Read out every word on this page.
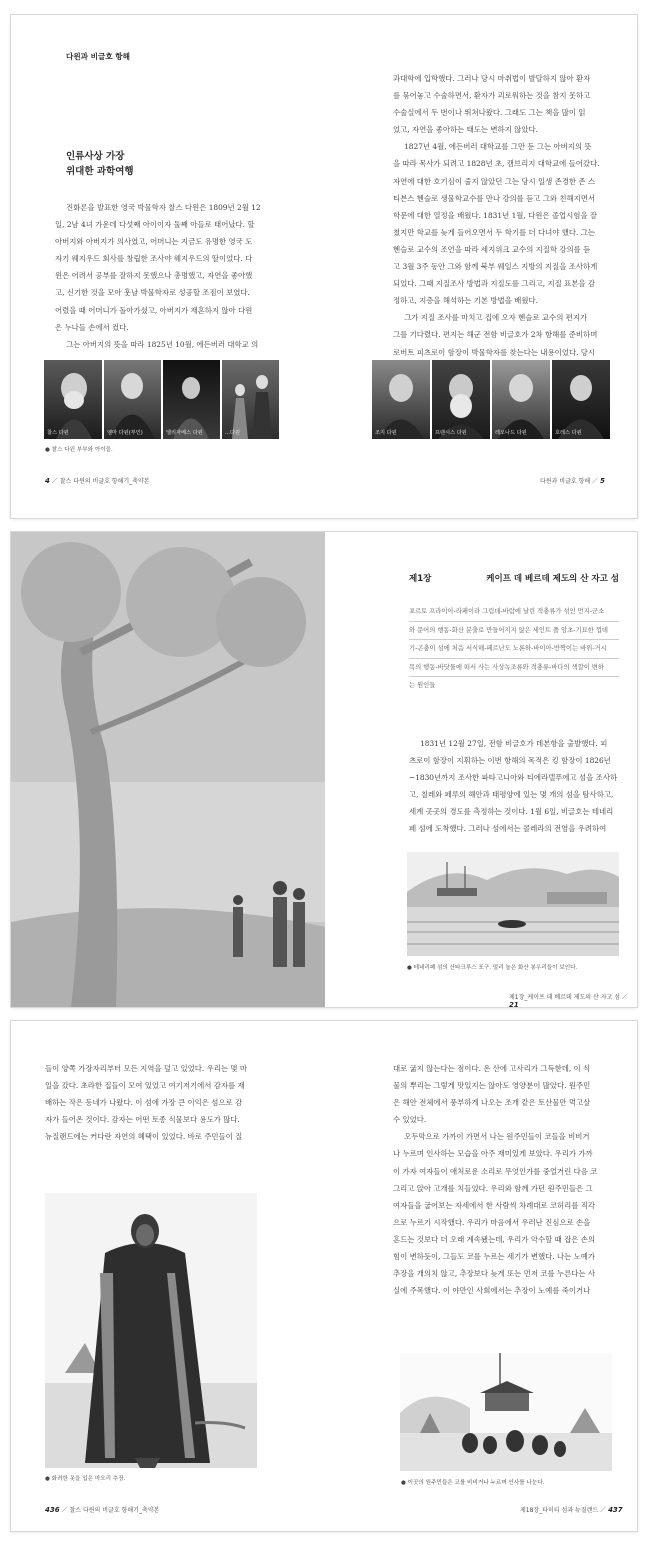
다윈과 비글호 항해
인류사상 가장
위대한 과학여행
진화론을 발표한 영국 박물학자 찰스 다윈은 1809년 2월 12
일, 2남 4녀 가운데 다섯째 아이이자 둘째 아들로 태어났다. 할
아버지와 아버지가 의사였고, 어머니는 지금도 유명한 영국 도
자기 웨지우드 회사를 창립한 조사야 웨지우드의 딸이었다. 다
윈은 어려서 공부를 잘하지 못했으나 총명했고, 자연을 좋아했
고, 신기한 것을 모아 훗날 박물학자로 성공할 조짐이 보였다.
어렸을 때 어머니가 돌아가셨고, 아버지가 재혼하지 않아 다윈
은 누나들 손에서 컸다.
그는 아버지의 뜻을 따라 1825년 10월, 에든버러 대학교 의
찰스 다윈	엠마 다윈(부인)	엘리자베스 다윈	...다윈
● 찰스 다윈 부부와 아이들.
4 ／ 찰스 다윈의 비글호 항해기_축약본
과대학에 입학했다. 그러나 당시 마취법이 발달하지 않아 환자
를 묶어놓고 수술하면서, 환자가 괴로워하는 것을 참지 못하고
수술실에서 두 번이나 뛰쳐나왔다. 그래도 그는 책을 많이 읽
었고, 자연을 좋아하는 태도는 변하지 않았다.
1827년 4월, 에든버러 대학교를 그만 둔 그는 아버지의 뜻
을 따라 목사가 되려고 1828년 초, 캠브리지 대학교에 들어갔다.
자연에 대한 호기심이 줄지 않았던 그는 당시 일생 존경한 존 스
티븐스 헨슬로 생물학교수를 만나 강의를 듣고 그와 친해지면서
학문에 대한 열정을 배웠다. 1831년 1월, 다윈은 졸업시험을 잘
쳤지만 학교를 늦게 들어오면서 두 학기를 더 다녀야 했다. 그는
헨슬로 교수의 조언을 따라 세지위크 교수의 지질학 강의를 듣
고 3월 3주 동안 그와 함께 북부 웨일스 지방의 지질을 조사하게
되었다. 그때 지질조사 방법과 지질도를 그리고, 지질 표본을 감
정하고, 지층을 해석하는 기본 방법을 배웠다.
그가 지질 조사를 마치고 집에 오자 헨슬로 교수의 편지가
그를 기다렸다. 편지는 해군 전함 비글호가 2차 항해를 준비하며
로버트 피츠로이 함장이 박물학자를 찾는다는 내용이었다. 당시
조지 다윈	프랜시스 다윈	레오나드 다윈	호레스 다윈
다윈과 비글호 항해 ／ 5
제1장	케이프 데 베르데 제도의 산 자고 섬
포르토 프라이아-라페이라 그림데-바람에 날린 적충류가 섞인 먼지-군소
와 문어의 행동-화산 분출로 만들어지지 않은 세인트 폴 암초-기묘한 껍데
기-곤충이 섬에 처음 서식해-페르난도 노론하-바이아-반짝이는 바위-거시
목의 행동-바닷물에 떠서 사는 사상녹조류와 적충류-바다의 색깔이 변하
는 원인들
1831년 12월 27일, 전함 비글호가 데본항을 출발했다. 피
츠로이 함장이 지휘하는 이번 항해의 목적은 킹 함장이 1826년
~1830년까지 조사한 파타고니아와 티에라델푸에고 섬을 조사하
고, 칠레와 페루의 해안과 태평양에 있는 몇 개의 섬을 탐사하고,
세계 곳곳의 경도를 측정하는 것이다. 1월 6일, 비글호는 테네리
페 섬에 도착했다. 그러나 섬에서는 콜레라의 전염을 우려하여
● 테네리페 섬의 산타크루스 포구. 멀리 높은 화산 봉우리들이 보인다.
제1장_케이프 데 베르데 제도의 산 자고 섬 ／ 21
들이 양쪽 가장자리부터 모든 지역을 덮고 있었다. 우리는 몇 마
일을 갔다. 초라한 집들이 모여 있었고 여기저기에서 감자를 재
배하는 작은 동네가 나왔다. 이 섬에 가장 큰 이익은 섬으로 감
자가 들어온 것이다. 감자는 어떤 토종 식물보다 용도가 많다.
뉴질랜드에는 커다란 자연의 혜택이 있었다. 바로 주민들이 질
● 화려한 옷을 입은 마오리 추장.
436 ／ 찰스 다윈의 비글호 항해기_축약본
대로 굶지 않는다는 점이다. 온 산에 고사리가 그득한데, 이 식
물의 뿌리는 그렇게 맛있지는 않아도 영양분이 많았다. 원주민
은 해안 전체에서 풍부하게 나오는 조개 같은 토산물만 먹고살
수 있었다.
오두막으로 가까이 가면서 나는 원주민들이 코들을 비비거
나 누르며 인사하는 모습을 아주 재미있게 보았다. 우리가 가까
이 가자 여자들이 애처로운 소리로 무엇인가를 중얼거린 다음 코
그리고 앉아 고개를 치들었다. 우리와 함께 가던 원주민들은 그
여자들을 굽어보는 자세에서 한 사람씩 차례대로 코허리를 직각
으로 누르기 시작했다. 우리가 마음에서 우러난 진심으로 손을
흔드는 것보다 더 오래 계속됐는데, 우리가 악수할 때 잡은 손의
힘이 변하듯이, 그들도 코를 누르는 세기가 변했다. 나는 노예가
추장을 개의치 않고, 추장보다 늦게 또는 먼저 코를 누른다는 사
실에 주목했다. 이 야만인 사회에서는 추장이 노예를 죽이거나
● 이곳의 원주민들은 코를 비비거나 누르며 인사를 나눈다.
제18장_타히티 섬과 뉴질랜드 ／ 437
